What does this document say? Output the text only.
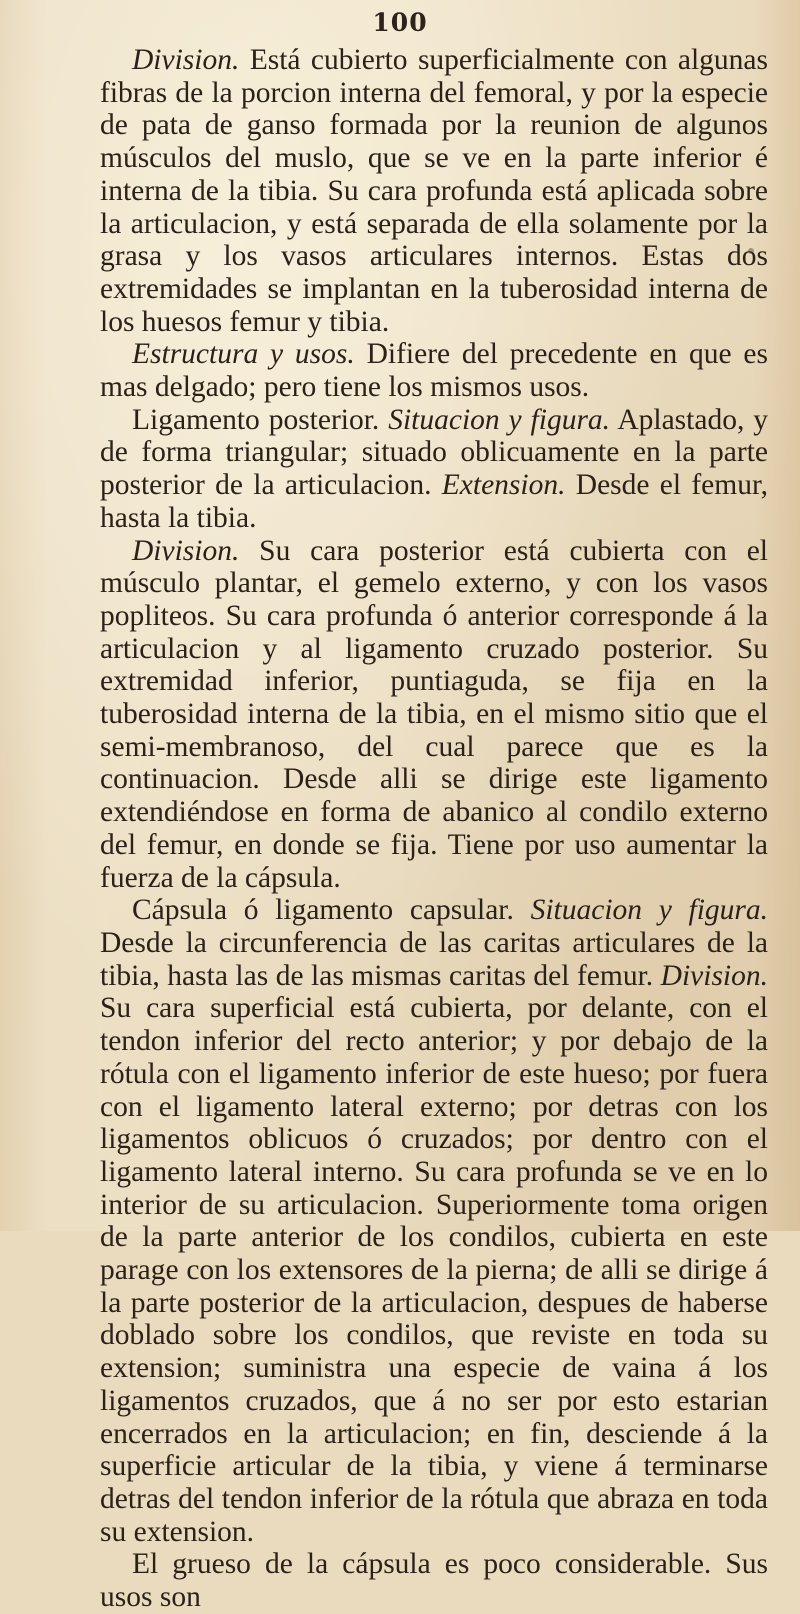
100

Division. Está cubierto superficialmente con algunas fibras de la porcion interna del femoral, y por la especie de pata de ganso formada por la reunion de algunos músculos del muslo, que se ve en la parte inferior é interna de la tibia. Su cara profunda está aplicada sobre la articulacion, y está separada de ella solamente por la grasa y los vasos articulares internos. Estas dos extremidades se implantan en la tuberosidad interna de los huesos femur y tibia.

Estructura y usos. Difiere del precedente en que es mas delgado; pero tiene los mismos usos.

Ligamento posterior. Situacion y figura. Aplastado, y de forma triangular; situado oblicuamente en la parte posterior de la articulacion. Extension. Desde el femur, hasta la tibia.

Division. Su cara posterior está cubierta con el músculo plantar, el gemelo externo, y con los vasos popliteos. Su cara profunda ó anterior corresponde á la articulacion y al ligamento cruzado posterior. Su extremidad inferior, puntiaguda, se fija en la tuberosidad interna de la tibia, en el mismo sitio que el semi-membranoso, del cual parece que es la continuacion. Desde alli se dirige este ligamento extendiéndose en forma de abanico al condilo externo del femur, en donde se fija. Tiene por uso aumentar la fuerza de la cápsula.

Cápsula ó ligamento capsular. Situacion y figura. Desde la circunferencia de las caritas articulares de la tibia, hasta las de las mismas caritas del femur. Division. Su cara superficial está cubierta, por delante, con el tendon inferior del recto anterior; y por debajo de la rótula con el ligamento inferior de este hueso; por fuera con el ligamento lateral externo; por detras con los ligamentos oblicuos ó cruzados; por dentro con el ligamento lateral interno. Su cara profunda se ve en lo interior de su articulacion. Superiormente toma origen de la parte anterior de los condilos, cubierta en este parage con los extensores de la pierna; de alli se dirige á la parte posterior de la articulacion, despues de haberse doblado sobre los condilos, que reviste en toda su extension; suministra una especie de vaina á los ligamentos cruzados, que á no ser por esto estarian encerrados en la articulacion; en fin, desciende á la superficie articular de la tibia, y viene á terminarse detras del tendon inferior de la rótula que abraza en toda su extension.

El grueso de la cápsula es poco considerable. Sus usos son
